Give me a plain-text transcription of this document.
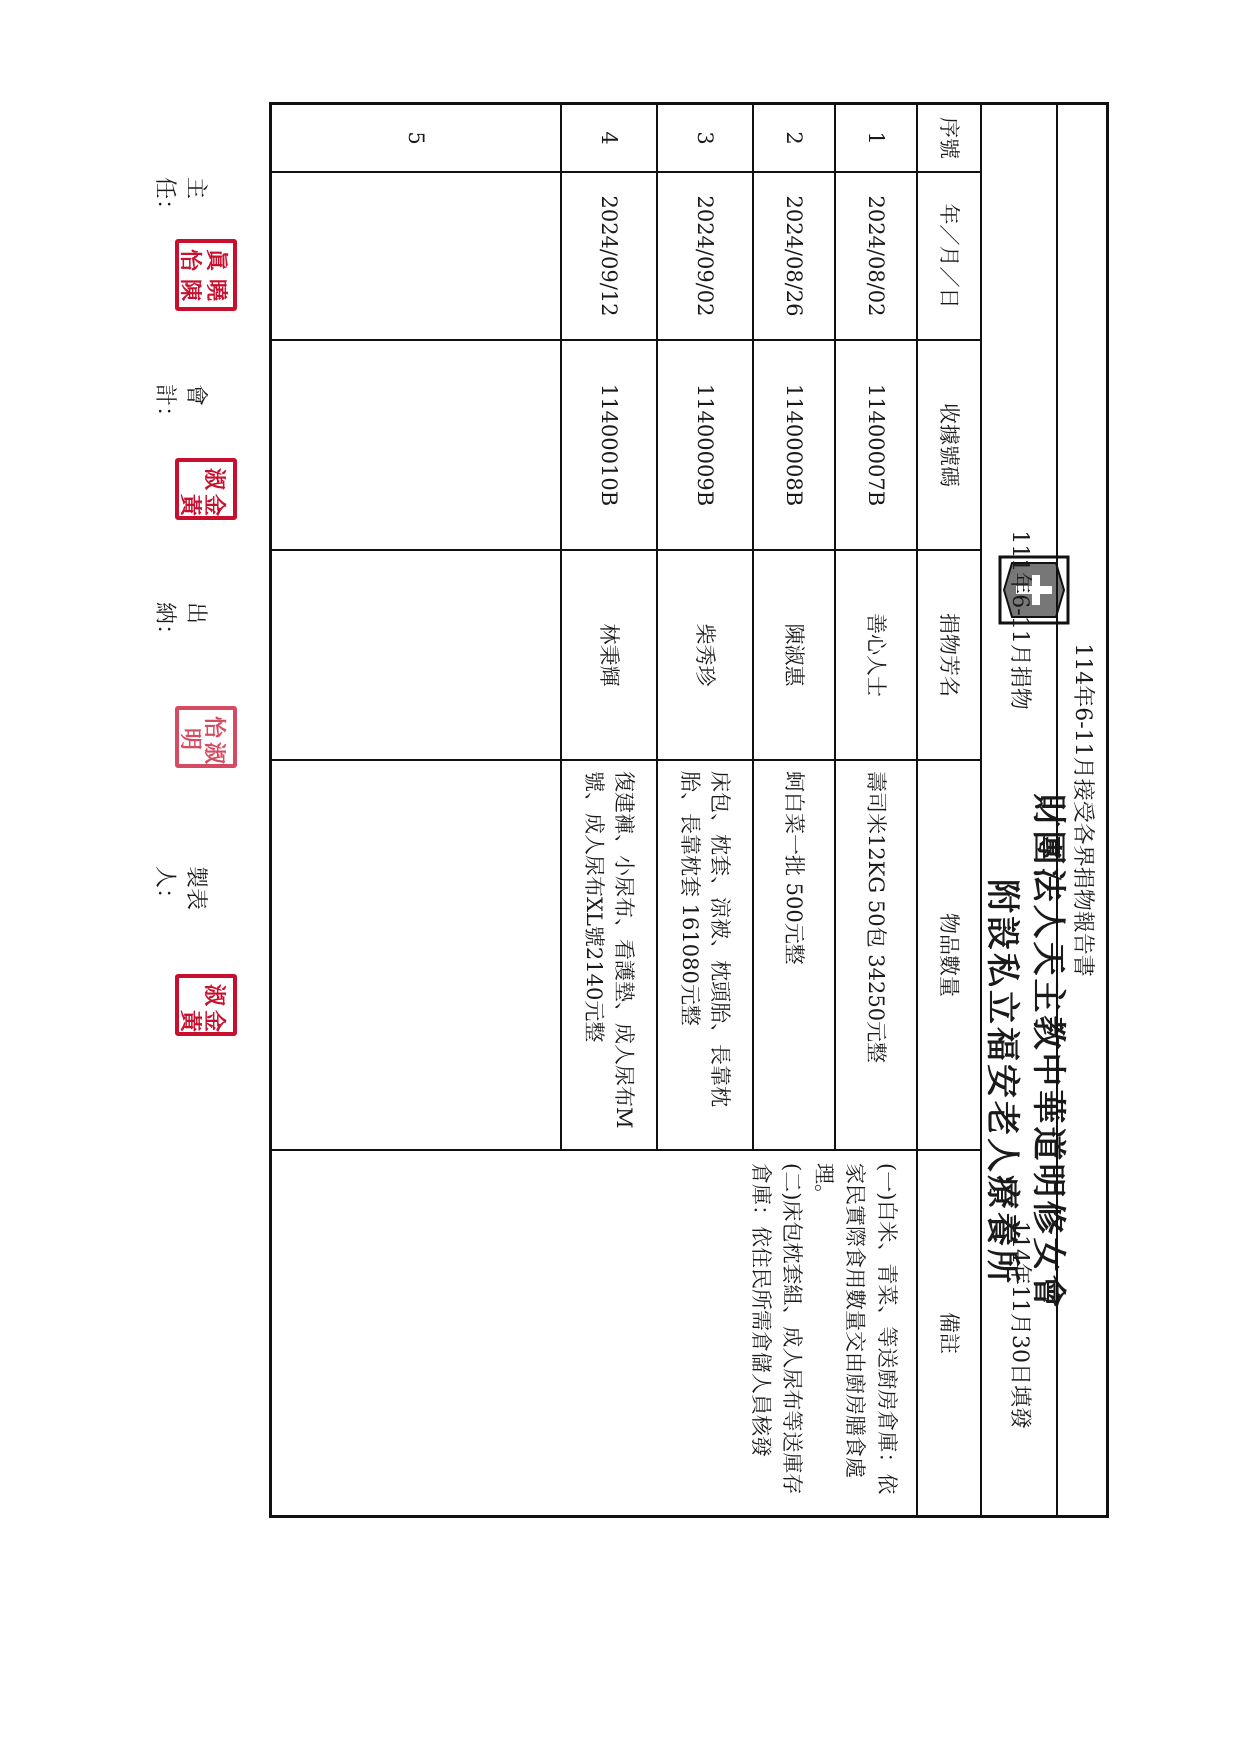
財團法人天主教中華道明修女會
附設私立福安老人療養所
114年6-11月接受各界捐物報告書
111年6-11月捐物
114年11月30日填發
序號
年／月／日
收據號碼
捐物芳名
物品數量
備註
1
2024/08/02
11400007B
善心人士
壽司米12KG 50包 34250元整
2
2024/08/26
11400008B
陳淑惠
蚵白菜一批 500元整
3
2024/09/02
11400009B
柴秀珍
床包、枕套、涼被、枕頭胎、長靠枕胎、長靠枕套 161080元整
4
2024/09/12
11400010B
林秉輝
復建褲、小尿布、看護墊、成人尿布M號、成人尿布XL號2140元整
5
(一)白米、青菜、等送廚房倉庫：依家民實際食用數量交由廚房膳食處理。
(二)床包枕套組、成人尿布等送庫存倉庫：依住民所需倉儲人員核發
主任：
眞
曉
怡
陳
會計：
淑
金
黃
出納：
怡
淑
明
製表人：
淑
金
黃
